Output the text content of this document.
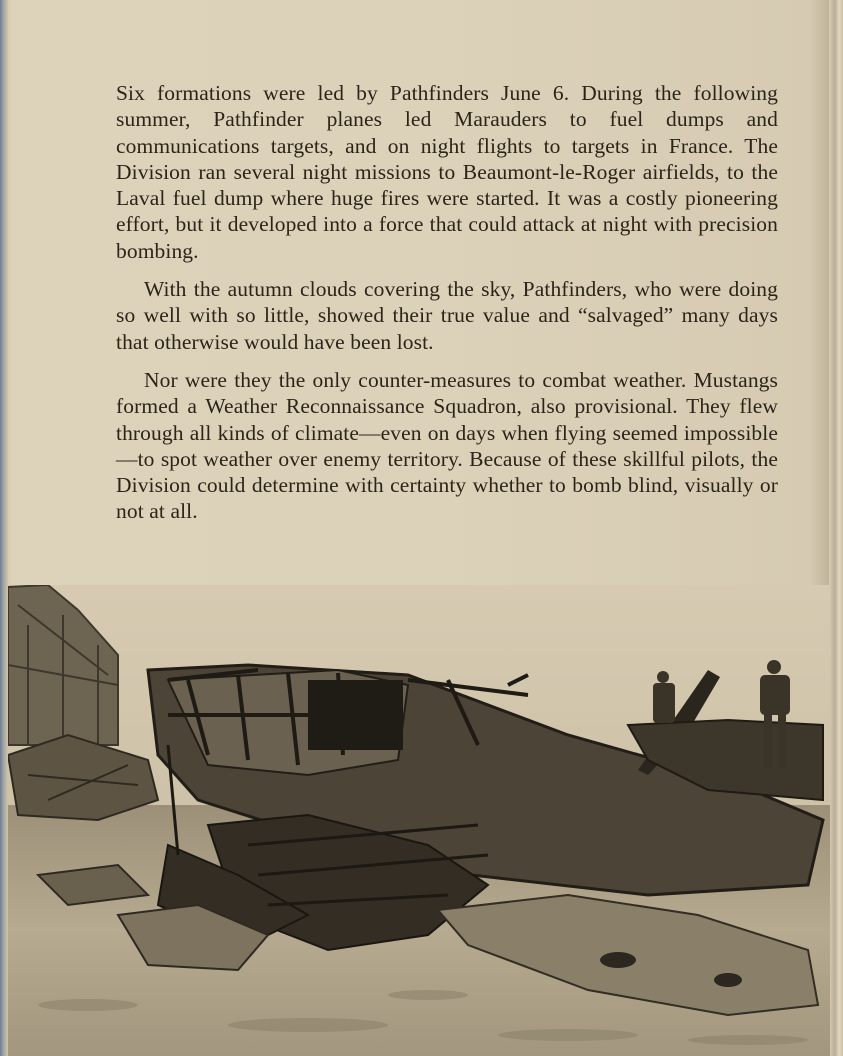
Six formations were led by Pathfinders June 6. During the following summer, Pathfinder planes led Marauders to fuel dumps and communications targets, and on night flights to targets in France. The Division ran several night missions to Beaumont-le-Roger airfields, to the Laval fuel dump where huge fires were started. It was a costly pioneering effort, but it developed into a force that could attack at night with precision bombing.

With the autumn clouds covering the sky, Pathfinders, who were doing so well with so little, showed their true value and “salvaged” many days that otherwise would have been lost.

Nor were they the only counter-measures to combat weather. Mustangs formed a Weather Reconnaissance Squadron, also provisional. They flew through all kinds of climate—even on days when flying seemed impossible—to spot weather over enemy territory. Because of these skillful pilots, the Division could determine with certainty whether to bomb blind, visually or not at all.
